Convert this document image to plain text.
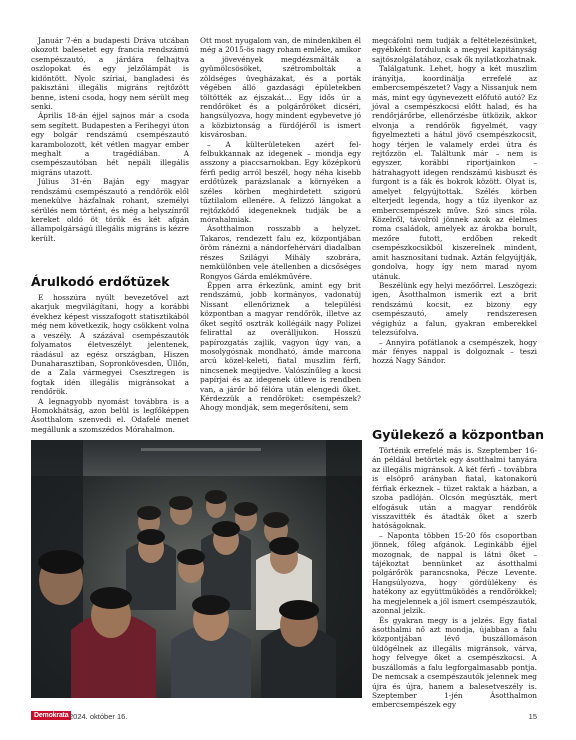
Január 7-én a budapesti Dráva utcában okozott balesetet egy francia rendszámú csempészautó, a járdára felhajtva oszlopokat és egy jelzőlámpát is kidöntött. Nyolc szíriai, bangladesi és pakisztáni illegális migráns rejtőzött benne, isteni csoda, hogy nem sérült meg senki.

Április 18-án éjjel sajnos már a csoda sem segített. Budapesten a Ferihegyi úton egy bolgár rendszámú csempészautó karambolozott, két vétlen magyar ember meghalt a tragédiában. A csempészautóban hét nepáli illegális migráns utazott.

Július 31-én Baján egy magyar rendszámú csempészautó a rendőrök elől menekülve házfalnak rohant, személyi sérülés nem történt, és még a helyszínről kereket oldó öt török és két afgán állampolgárságú illegális migráns is kézre került.

Árulkodó erdőtüzek

E hosszúra nyúlt bevezetővel azt akarjuk megvilágítani, hogy a korábbi évekhez képest visszafogott statisztikából még nem következik, hogy csökkent volna a veszély. A százával csempészautók folyamatos életveszélyt jelentenek, ráadásul az egész országban, Hiszen Dunaharasztiban, Sopronkövesden, Üllőn, de a Zala vármegyei Csesztregen is fogtak idén illegális migránsokat a rendőrök.

A legnagyobb nyomást továbbra is a Homokhátság, azon belül is legfőképpen Ásotthalom szenvedi el. Odafelé menet megállunk a szomszédos Mórahalmon.

Ott most nyugalom van, de mindenkiben él még a 2015-ös nagy roham emléke, amikor a jövevények megdézsmálták a gyümölcsösöket, szétrombolták a zöldséges üvegházakat, és a porták végében álló gazdasági épületekben töltötték az éjszakát… Egy idős úr a rendőröket és a polgárőröket dicséri, hangsúlyozva, hogy mindent egybevetve jó a közbiztonság a fürdőjéről is ismert kisvárosban.

– A külterületeken azért fel-felbukkannak az idegenek – mondja egy asszony a piaccsarnokban. Egy középkorú férfi pedig arról beszél, hogy néha kisebb erdőtüzek parázslanak a környéken a széles körben meghirdetett szigorú tűztilalom ellenére. A felizzó lángokat a rejtőzködő idegeneknek tudják be a mórahalmiak.

Ásotthalmon rosszabb a helyzet. Takaros, rendezett falu ez, központjában öröm ránézni a nándorfehérvári diadalban részes Szilágyi Mihály szobrára, nemkülönben vele átellenben a dicsőséges Rongyos Gárda emlékművére.

Éppen arra érkezünk, amint egy brit rendszámú, jobb kormányos, vadonatúj Nissant ellenőriznek a települési központban a magyar rendőrök, illetve az őket segítő osztrák kollégáik nagy Polizei felirattal az overálljukon. Hosszú papírozgatás zajlik, vagyon úgy van, a mosolygósnak mondható, ámde marcona arcú közel-keleti, fiatal muszlim férfi, nincsenek megijedve. Valószínűleg a kocsi papírjai és az idegenek útleve is rendben van, a járőr bő félóra után elengedi őket. Kérdezzük a rendőröket: csempészek? Ahogy mondják, sem megerősíteni, sem

megcáfolni nem tudják a feltételezésünket, egyébként fordulunk a megyei kapitányság sajtószolgálatához, csak ők nyilatkozhatnak.

Találgatunk. Lehet, hogy a két muszlim irányítja, koordinálja errefelé az embercsempészetet? Vagy a Nissanjuk nem más, mint egy úgynevezett előfutó autó? Ez jóval a csempészkocsi előtt halad, és ha rendőrjárőrbe, ellenőrzésbe ütközik, akkor elvonja a rendőrök figyelmét, vagy figyelmezteti a hátul jövő csempészkocsit, hogy térjen le valamely erdei útra és rejtőzzön el. Találtunk már – nem is egyszer, korábbi riportjainkon – hátrahagyott idegen rendszámú kisbuszt és furgont is a fák és bokrok között. Olyat is, amelyet felgyújtottak. Szélés körben elterjedt legenda, hogy a tűz ilyenkor az embercsempészek műve. Szó sincs róla. Közelről, távolról jönnek azok az élelmes roma családok, amelyek az árokba borult, mezőre futott, erdőben rekedt csempészkocsikból kiszerelnek mindent, amit hasznosítani tudnak. Aztán felgyújtják, gondolva, hogy így nem marad nyom utánuk.

Beszélünk egy helyi mezőőrrel. Leszögezi: igen, Ásotthalmon ismerik ezt a brit rendszámú kocsit, ez bizony egy csempészautó, amely rendszeresen végighúz a falun, gyakran emberekkel telezsúfolva.

– Annyira pofátlanok a csempészek, hogy már fényes nappal is dolgoznak – teszi hozzá Nagy Sándor.

Gyülekező a központban

Történik errefelé más is. Szeptember 16-án például betörtek egy ásotthalmi tanyára az illegális migránsok. A két férfi – továbbra is elsöprő arányban fiatal, katonakorú férfiak érkeznek – tüzet raktak a házban, a szoba padlóján. Olcsón megúszták, mert elfogásuk után a magyar rendőrök visszavitték és átadták őket a szerb hatóságoknak.

– Naponta többen 15-20 fős csoportban jönnek, főleg afgánok. Leginkább éjjel mozognak, de nappal is látni őket – tájékoztat bennünket az ásotthalmi polgárőrök parancsnoka, Pécze Levente. Hangsúlyozva, hogy gördülékeny és hatékony az együttműködés a rendőrökkel; ha megjelennek a jól ismert csempészautók, azonnal jelzik.

És gyakran megy is a jelzés. Egy fiatal ásotthalmi nő azt mondja, újabban a falu központjában lévő buszállomáson üldögélnek az illegális migránsok, várva, hogy felvegye őket a csempészkocsi. A buszállomás a falu legforgalmasabb pontja. De nemcsak a csempészautók jelennek meg újra és újra, hanem a balesetveszély is. Szeptember 1-jén Ásotthalmon embercsempészek egy

Demokrata 2024. október 16.	15
